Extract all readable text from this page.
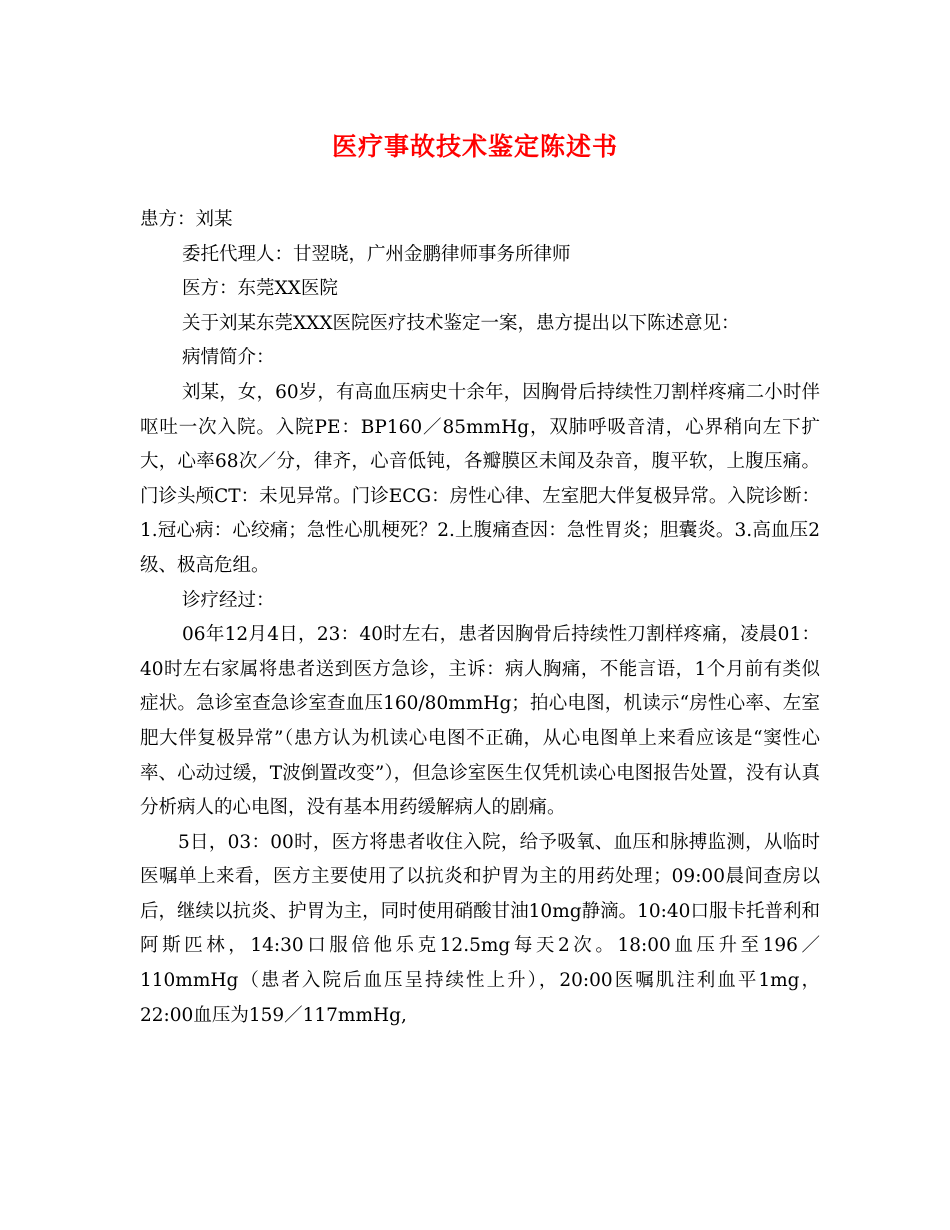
医疗事故技术鉴定陈述书

患方：刘某

委托代理人：甘翌晓，广州金鹏律师事务所律师

医方：东莞XX医院

关于刘某东莞XXX医院医疗技术鉴定一案，患方提出以下陈述意见：

病情简介：

刘某，女，60岁，有高血压病史十余年，因胸骨后持续性刀割样疼痛二小时伴呕吐一次入院。入院PE：BP160／85mmHg，双肺呼吸音清，心界稍向左下扩大，心率68次／分，律齐，心音低钝，各瓣膜区未闻及杂音，腹平软，上腹压痛。门诊头颅CT：未见异常。门诊ECG：房性心律、左室肥大伴复极异常。入院诊断：1.冠心病：心绞痛；急性心肌梗死？2.上腹痛查因：急性胃炎；胆囊炎。3.高血压2级、极高危组。

诊疗经过：

06年12月4日，23：40时左右，患者因胸骨后持续性刀割样疼痛，凌晨01：40时左右家属将患者送到医方急诊，主诉：病人胸痛，不能言语，1个月前有类似症状。急诊室查急诊室查血压160/80mmHg；拍心电图，机读示“房性心率、左室肥大伴复极异常”（患方认为机读心电图不正确，从心电图单上来看应该是“窦性心率、心动过缓，T波倒置改变”），但急诊室医生仅凭机读心电图报告处置，没有认真分析病人的心电图，没有基本用药缓解病人的剧痛。

5日，03：00时，医方将患者收住入院，给予吸氧、血压和脉搏监测，从临时医嘱单上来看，医方主要使用了以抗炎和护胃为主的用药处理；09:00晨间查房以后，继续以抗炎、护胃为主，同时使用硝酸甘油10mg静滴。10:40口服卡托普利和阿斯匹林，14:30口服倍他乐克12.5mg每天2次。18:00血压升至196／110mmHg（患者入院后血压呈持续性上升），20:00医嘱肌注利血平1mg，22:00血压为159／117mmHg,
